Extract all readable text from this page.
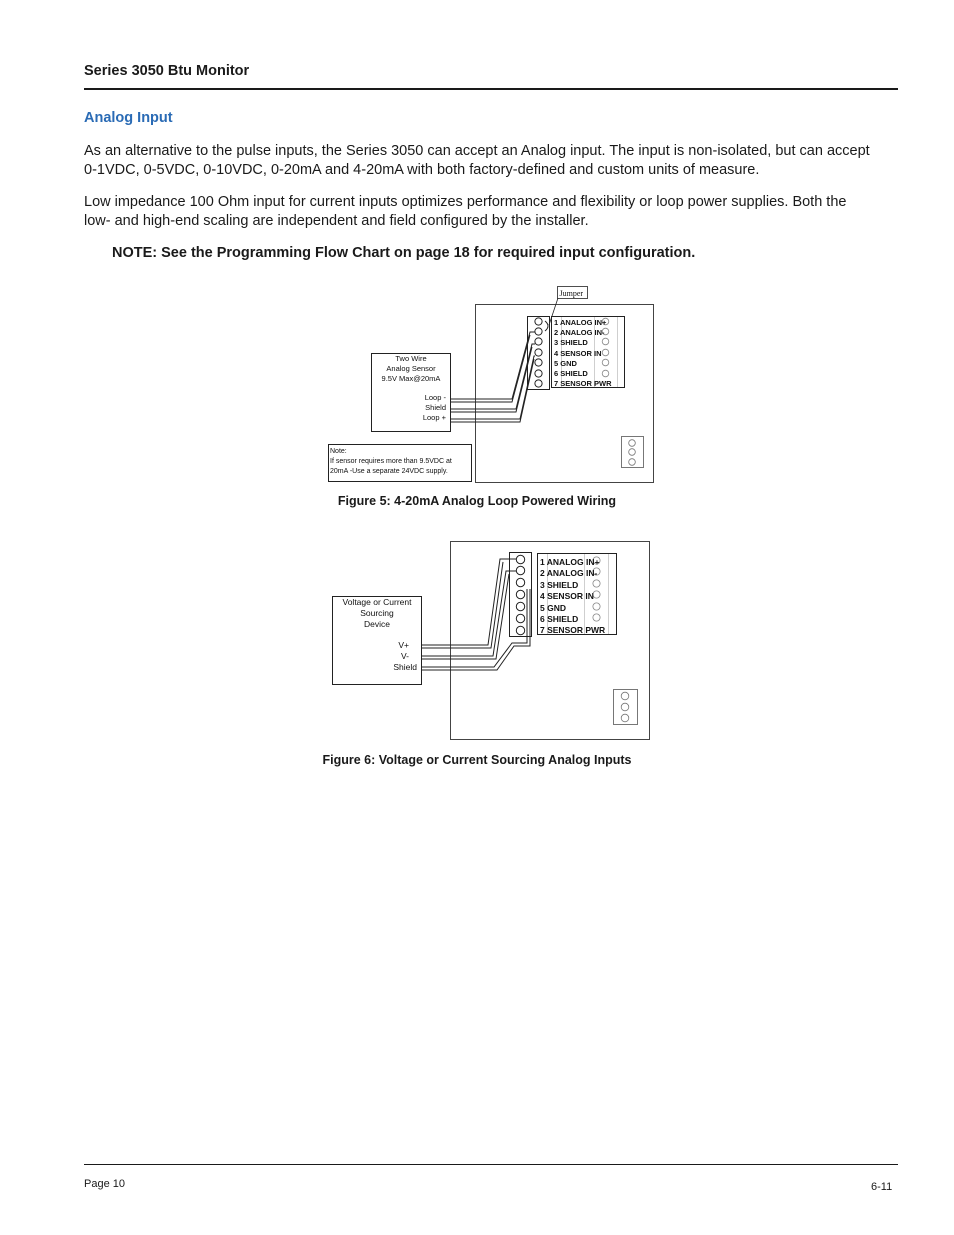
Series 3050 Btu Monitor
Analog Input
As an alternative to the pulse inputs, the Series 3050 can accept an Analog input. The input is non-isolated, but can accept
0-1VDC, 0-5VDC, 0-10VDC, 0-20mA and 4-20mA with both factory-defined and custom units of measure.
Low impedance 100 Ohm input for current inputs optimizes performance and flexibility or loop power supplies. Both the
low- and high-end scaling are independent and field configured by the installer.
NOTE: See the Programming Flow Chart on page 18 for required input configuration.
1 ANALOG IN+
2 ANALOG IN-
3 SHIELD
4 SENSOR IN
5 GND
6 SHIELD
7 SENSOR PWR
Jumper
Two Wire
Analog Sensor
9.5V Max@20mA
Loop -
Shield
Loop +
Note:
If sensor requires more than 9.5VDC at
20mA -Use a separate 24VDC supply.
1 ANALOG IN+
2 ANALOG IN-
3 SHIELD
4 SENSOR IN
5 GND
6 SHIELD
7 SENSOR PWR
Voltage or Current
Sourcing
Device
V+
V-
Shield
Figure 5: 4-20mA Analog Loop Powered Wiring
Figure 6: Voltage or Current Sourcing Analog Inputs
Page 10	6-11
